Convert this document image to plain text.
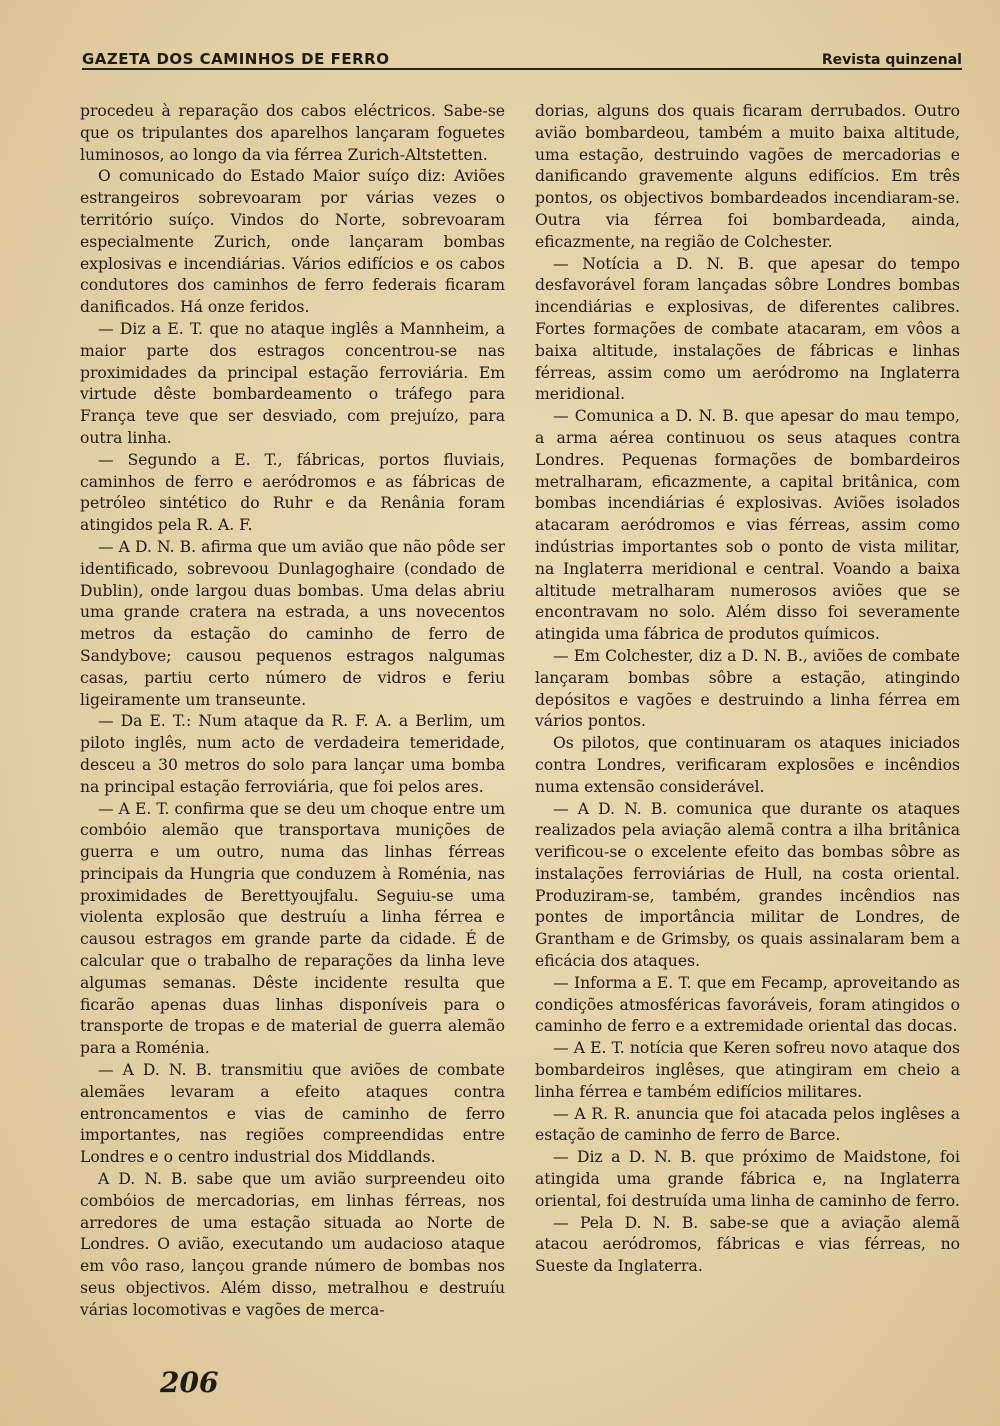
GAZETA DOS CAMINHOS DE FERRO	Revista quinzenal

procedeu à reparação dos cabos eléctricos. Sabe-se que os tripulantes dos aparelhos lançaram foguetes luminosos, ao longo da via férrea Zurich-Altstetten.

O comunicado do Estado Maior suíço diz: Aviões estrangeiros sobrevoaram por várias vezes o território suíço. Vindos do Norte, sobrevoaram especialmente Zurich, onde lançaram bombas explosivas e incendiárias. Vários edifícios e os cabos condutores dos caminhos de ferro federais ficaram danificados. Há onze feridos.

— Diz a E. T. que no ataque inglês a Mannheim, a maior parte dos estragos concentrou-se nas proximidades da principal estação ferroviária. Em virtude dêste bombardeamento o tráfego para França teve que ser desviado, com prejuízo, para outra linha.

— Segundo a E. T., fábricas, portos fluviais, caminhos de ferro e aeródromos e as fábricas de petróleo sintético do Ruhr e da Renânia foram atingidos pela R. A. F.

— A D. N. B. afirma que um avião que não pôde ser identificado, sobrevoou Dunlagoghaire (condado de Dublin), onde largou duas bombas. Uma delas abriu uma grande cratera na estrada, a uns novecentos metros da estação do caminho de ferro de Sandybove; causou pequenos estragos nalgumas casas, partiu certo número de vidros e feriu ligeiramente um transeunte.

— Da E. T.: Num ataque da R. F. A. a Berlim, um piloto inglês, num acto de verdadeira temeridade, desceu a 30 metros do solo para lançar uma bomba na principal estação ferroviária, que foi pelos ares.

— A E. T. confirma que se deu um choque entre um combóio alemão que transportava munições de guerra e um outro, numa das linhas férreas principais da Hungria que conduzem à Roménia, nas proximidades de Berettyoujfalu. Seguiu-se uma violenta explosão que destruíu a linha férrea e causou estragos em grande parte da cidade. É de calcular que o trabalho de reparações da linha leve algumas semanas. Dêste incidente resulta que ficarão apenas duas linhas disponíveis para o transporte de tropas e de material de guerra alemão para a Roménia.

— A D. N. B. transmitiu que aviões de combate alemães levaram a efeito ataques contra entroncamentos e vias de caminho de ferro importantes, nas regiões compreendidas entre Londres e o centro industrial dos Middlands.

A D. N. B. sabe que um avião surpreendeu oito combóios de mercadorias, em linhas férreas, nos arredores de uma estação situada ao Norte de Londres. O avião, executando um audacioso ataque em vôo raso, lançou grande número de bombas nos seus objectivos. Além disso, metralhou e destruíu várias locomotivas e vagões de merca-

dorias, alguns dos quais ficaram derrubados. Outro avião bombardeou, também a muito baixa altitude, uma estação, destruindo vagões de mercadorias e danificando gravemente alguns edifícios. Em três pontos, os objectivos bombardeados incendiaram-se. Outra via férrea foi bombardeada, ainda, eficazmente, na região de Colchester.

— Notícia a D. N. B. que apesar do tempo desfavorável foram lançadas sôbre Londres bombas incendiárias e explosivas, de diferentes calibres. Fortes formações de combate atacaram, em vôos a baixa altitude, instalações de fábricas e linhas férreas, assim como um aeródromo na Inglaterra meridional.

— Comunica a D. N. B. que apesar do mau tempo, a arma aérea continuou os seus ataques contra Londres. Pequenas formações de bombardeiros metralharam, eficazmente, a capital britânica, com bombas incendiárias é explosivas. Aviões isolados atacaram aeródromos e vias férreas, assim como indústrias importantes sob o ponto de vista militar, na Inglaterra meridional e central. Voando a baixa altitude metralharam numerosos aviões que se encontravam no solo. Além disso foi severamente atingida uma fábrica de produtos químicos.

— Em Colchester, diz a D. N. B., aviões de combate lançaram bombas sôbre a estação, atingindo depósitos e vagões e destruindo a linha férrea em vários pontos.

Os pilotos, que continuaram os ataques iniciados contra Londres, verificaram explosões e incêndios numa extensão considerável.

— A D. N. B. comunica que durante os ataques realizados pela aviação alemã contra a ilha britânica verificou-se o excelente efeito das bombas sôbre as instalações ferroviárias de Hull, na costa oriental. Produziram-se, também, grandes incêndios nas pontes de importância militar de Londres, de Grantham e de Grimsby, os quais assinalaram bem a eficácia dos ataques.

— Informa a E. T. que em Fecamp, aproveitando as condições atmosféricas favoráveis, foram atingidos o caminho de ferro e a extremidade oriental das docas.

— A E. T. notícia que Keren sofreu novo ataque dos bombardeiros inglêses, que atingiram em cheio a linha férrea e também edifícios militares.

— A R. R. anuncia que foi atacada pelos inglêses a estação de caminho de ferro de Barce.

— Diz a D. N. B. que próximo de Maidstone, foi atingida uma grande fábrica e, na Inglaterra oriental, foi destruída uma linha de caminho de ferro.

— Pela D. N. B. sabe-se que a aviação alemã atacou aeródromos, fábricas e vias férreas, no Sueste da Inglaterra.

206
